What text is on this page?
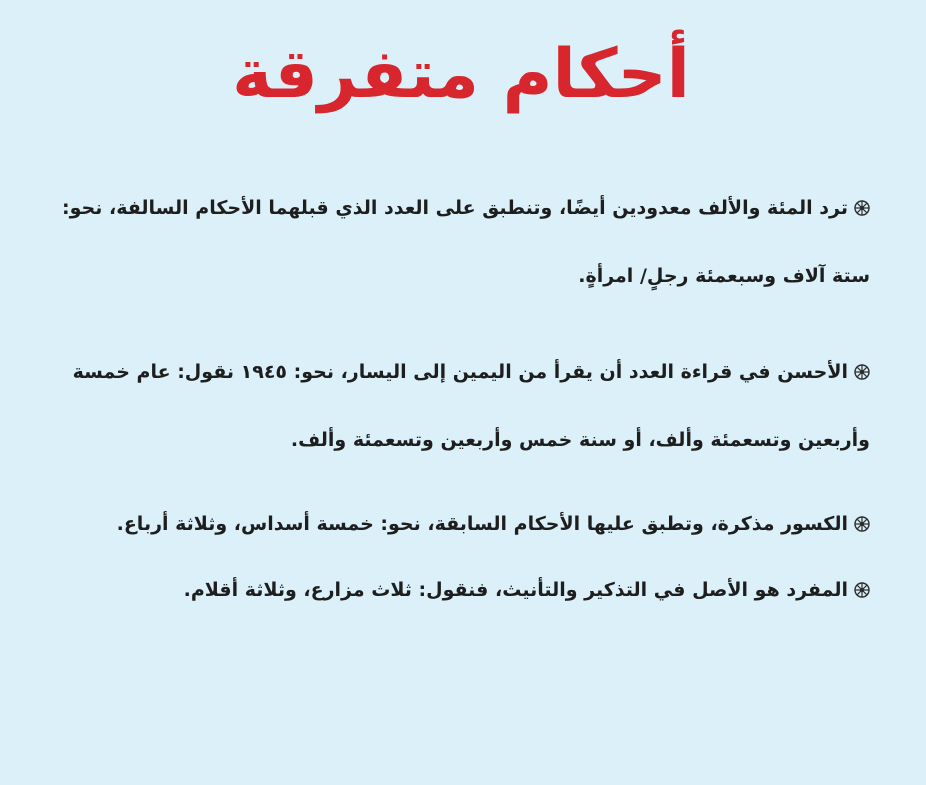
أحكام متفرقة
ترد المئة والألف معدودين أيضًا، وتنطبق على العدد الذي قبلهما الأحكام السالفة، نحو: ستة آلاف وسبعمئة رجلٍ/ امرأةٍ.
الأحسن في قراءة العدد أن يقرأ من اليمين إلى اليسار، نحو: ١٩٤٥ نقول: عام خمسة وأربعين وتسعمئة وألف، أو سنة خمس وأربعين وتسعمئة وألف.
الكسور مذكرة، وتطبق عليها الأحكام السابقة، نحو: خمسة أسداس، وثلاثة أرباع.
المفرد هو الأصل في التذكير والتأنيث، فنقول: ثلاث مزارع، وثلاثة أقلام.
